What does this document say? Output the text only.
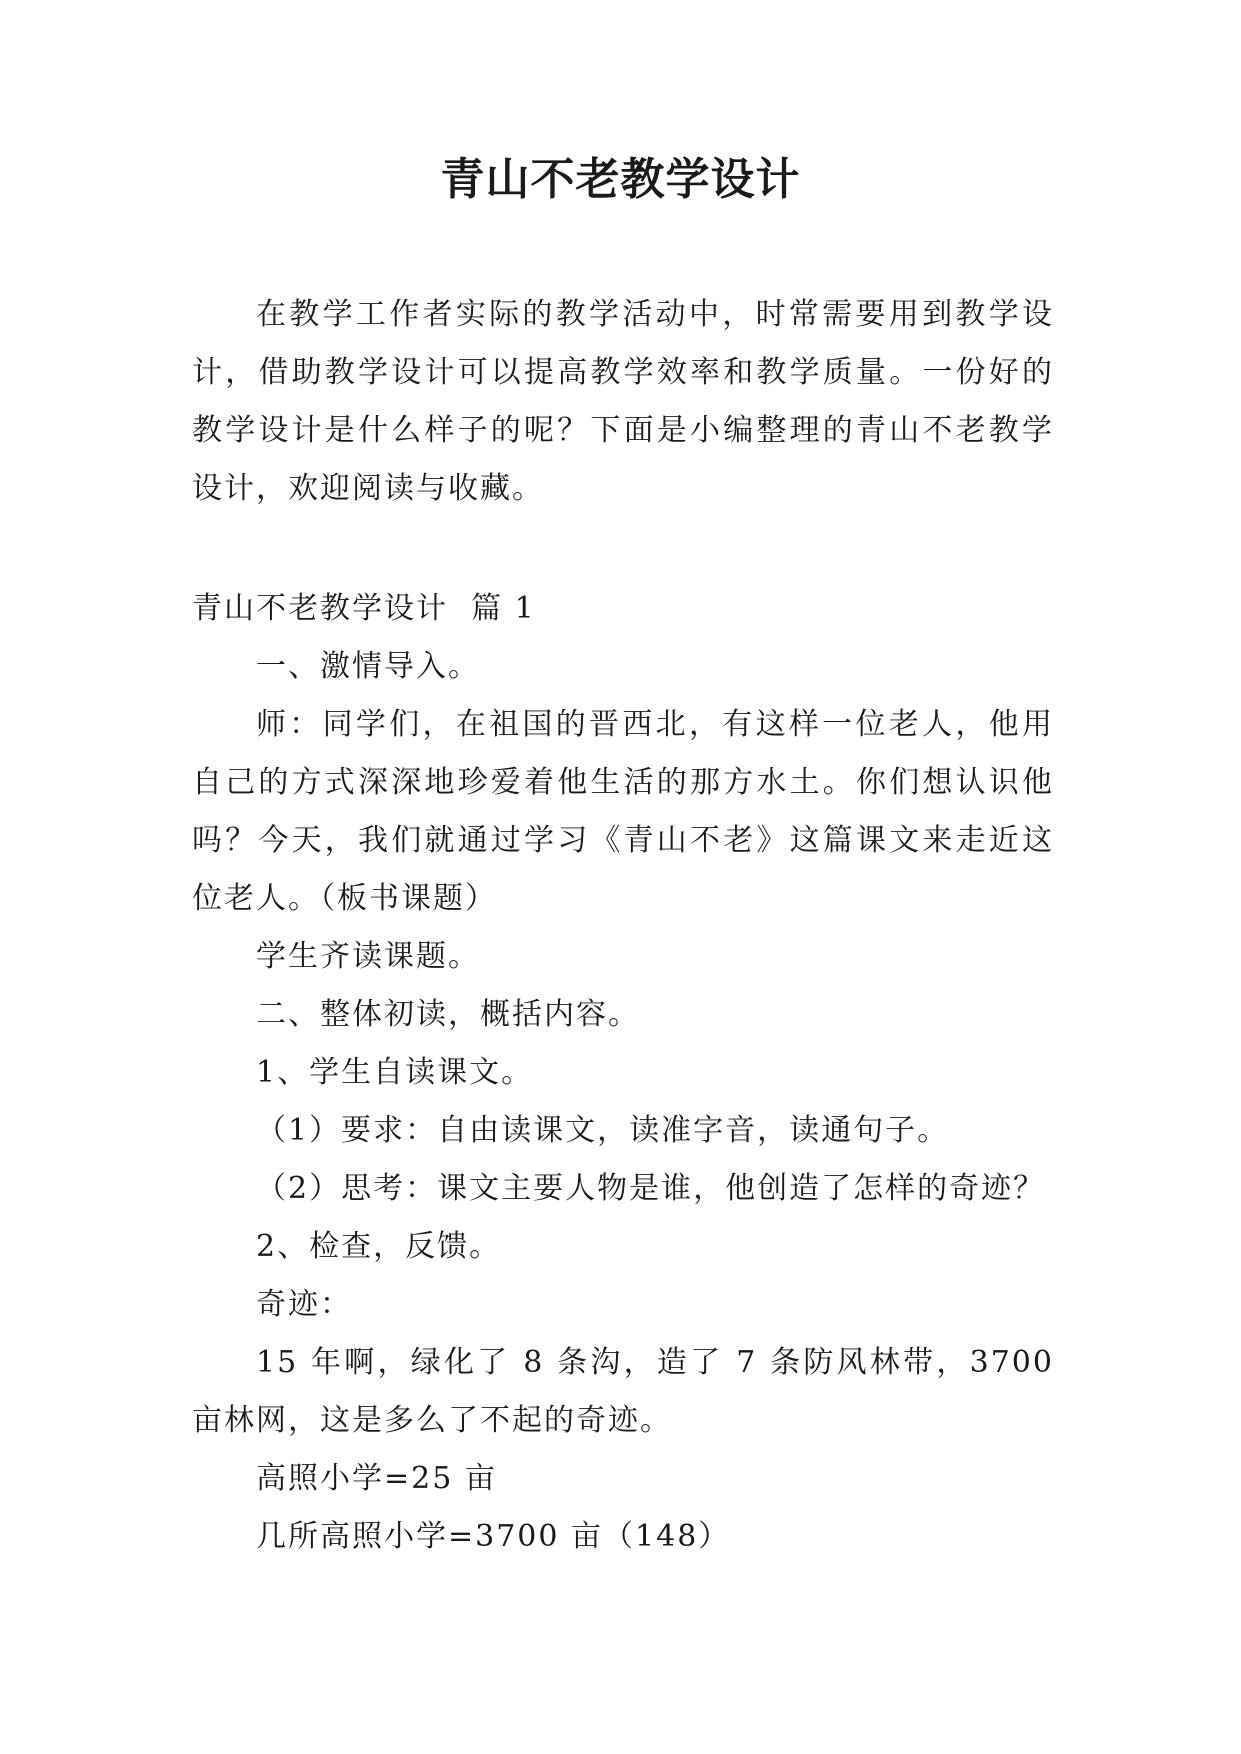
青山不老教学设计

在教学工作者实际的教学活动中，时常需要用到教学设计，借助教学设计可以提高教学效率和教学质量。一份好的教学设计是什么样子的呢？下面是小编整理的青山不老教学设计，欢迎阅读与收藏。

青山不老教学设计  篇 1

一、激情导入。

师：同学们，在祖国的晋西北，有这样一位老人，他用自己的方式深深地珍爱着他生活的那方水土。你们想认识他吗？今天，我们就通过学习《青山不老》这篇课文来走近这位老人。（板书课题）

学生齐读课题。

二、整体初读，概括内容。

1、学生自读课文。

（1）要求：自由读课文，读准字音，读通句子。

（2）思考：课文主要人物是谁，他创造了怎样的奇迹？

2、检查，反馈。

奇迹：

15 年啊，绿化了 8 条沟，造了 7 条防风林带，3700 亩林网，这是多么了不起的奇迹。

高照小学=25 亩

几所高照小学=3700 亩（148）
